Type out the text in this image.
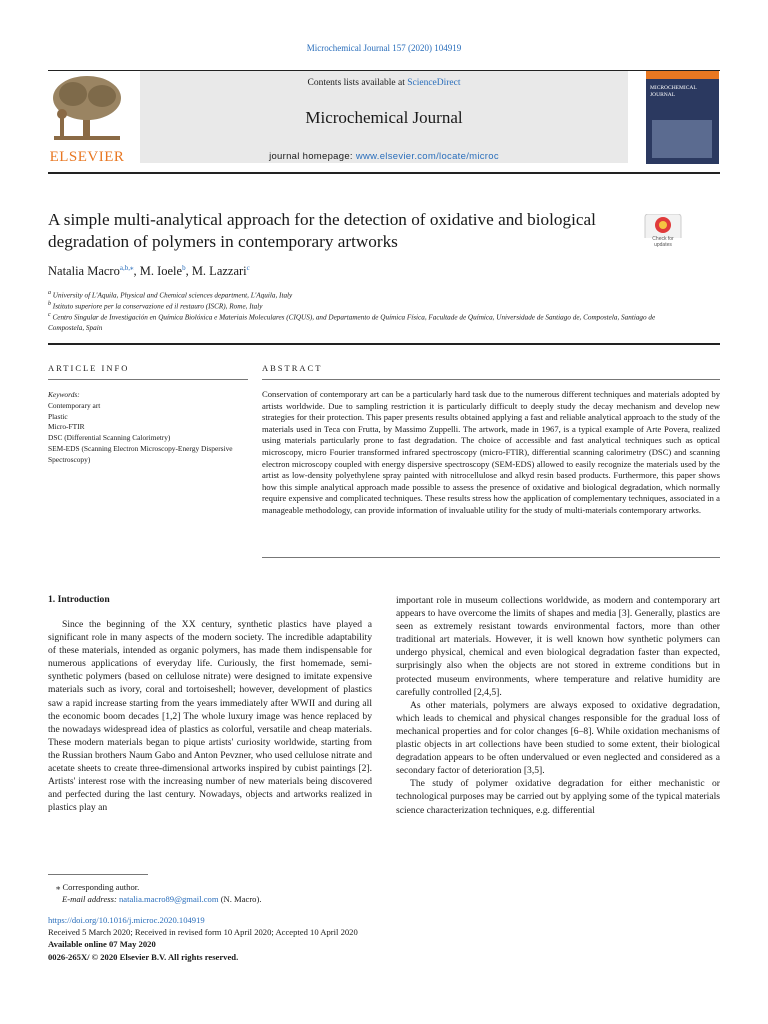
Microchemical Journal 157 (2020) 104919
ELSEVIER
Contents lists available at ScienceDirect
Microchemical Journal
journal homepage: www.elsevier.com/locate/microc
MICROCHEMICAL JOURNAL
A simple multi-analytical approach for the detection of oxidative and biological degradation of polymers in contemporary artworks	Check for updates
Natalia Macro$^{a,b,⁎}$, M. Ioele$^b$, M. Lazzari$^c$
$^a$ University of L'Aquila, Physical and Chemical sciences department, L'Aquila, Italy
$^b$ Istituto superiore per la conservazione ed il restauro (ISCR), Rome, Italy
$^c$ Centro Singular de Investigación en Química Biolóxica e Materiais Moleculares (CIQUS), and Departamento de Química Física, Facultade de Química, Universidade de Santiago de, Compostela, Santiago de Compostela, Spain
ARTICLE INFO
Keywords:
Contemporary art
Plastic
Micro-FTIR
DSC (Differential Scanning Calorimetry)
SEM-EDS (Scanning Electron Microscopy-Energy Dispersive Spectroscopy)
ABSTRACT
Conservation of contemporary art can be a particularly hard task due to the numerous different techniques and materials adopted by artists worldwide. Due to sampling restriction it is particularly difficult to deeply study the decay mechanism and develop new strategies for their protection. This paper presents results obtained applying a fast and reliable analytical approach to the study of the materials used in Teca con Frutta, by Massimo Zuppelli. The artwork, made in 1967, is a typical example of Arte Povera, realized using materials particularly prone to fast degradation. The choice of accessible and fast analytical techniques such as optical microscopy, micro Fourier transformed infrared spectroscopy (micro-FTIR), differential scanning calorimetry (DSC) and scanning electron microscopy coupled with energy dispersive spectroscopy (SEM-EDS) allowed to easily recognize the materials used by the artist as low-density polyethylene spray painted with nitrocellulose and alkyd resin based products. Furthermore, this paper shows how this simple analytical approach made possible to assess the presence of oxidative and biological degradation, which normally require expensive and complicated techniques. These results stress how the application of complementary techniques, associated in a manageable methodology, can provide information of invaluable utility for the study of multi-materials contemporary artworks.
1. Introduction

Since the beginning of the XX century, synthetic plastics have played a significant role in many aspects of the modern society. The incredible adaptability of these materials, intended as organic polymers, has made them indispensable for numerous applications of everyday life. Curiously, the first homemade, semi-synthetic polymers (based on cellulose nitrate) were designed to imitate expensive materials such as ivory, coral and tortoiseshell; however, development of plastics saw a rapid increase starting from the years immediately after WWII and during all the economic boom decades [1,2] The whole luxury image was hence replaced by the nowadays widespread idea of plastics as colorful, versatile and cheap materials. These modern materials began to pique artists' curiosity worldwide, starting from the Russian brothers Naum Gabo and Anton Pevzner, who used cellulose nitrate and acetate sheets to create three-dimensional artworks inspired by cubist paintings [2]. Artists' interest rose with the increasing number of new materials being discovered and perfected during the last century. Nowadays, objects and artworks realized in plastics play an

important role in museum collections worldwide, as modern and contemporary art appears to have overcome the limits of shapes and media [3]. Generally, plastics are seen as extremely resistant towards environmental factors, more than other traditional art materials. However, it is well known how synthetic polymers can undergo physical, chemical and even biological degradation faster than expected, surprisingly also when the objects are not stored in extreme conditions but in protected museum environments, where temperature and relative humidity are carefully controlled [2,4,5].

As other materials, polymers are always exposed to oxidative degradation, which leads to chemical and physical changes responsible for the gradual loss of mechanical properties and for color changes [6–8]. While oxidation mechanisms of plastic objects in art collections have been studied to some extent, their biological degradation appears to be often undervalued or even neglected and considered as a secondary factor of deterioration [3,5].

The study of polymer oxidative degradation for either mechanistic or technological purposes may be carried out by applying some of the typical materials science characterization techniques, e.g. differential

⁎ Corresponding author.
E-mail address: natalia.macro89@gmail.com (N. Macro).
https://doi.org/10.1016/j.microc.2020.104919
Received 5 March 2020; Received in revised form 10 April 2020; Accepted 10 April 2020
Available online 07 May 2020
0026-265X/ © 2020 Elsevier B.V. All rights reserved.
